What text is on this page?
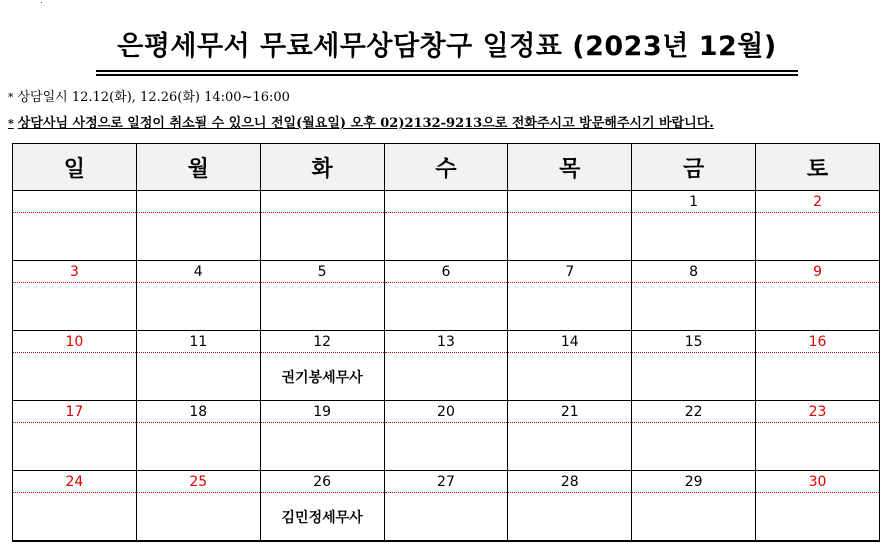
은평세무서 무료세무상담창구 일정표 (2023년 12월)
* 상담일시 12.12(화), 12.26(화) 14:00~16:00
* 상담사님 사정으로 일정이 취소될 수 있으니 전일(월요일) 오후 02)2132-9213으로 전화주시고 방문해주시기 바랍니다.
일	월	화	수	목	금	토
					1	2

3	4	5	6	7	8	9

10	11	12	13	14	15	16
		권기봉세무사				
17	18	19	20	21	22	23

24	25	26	27	28	29	30
		김민정세무사				
